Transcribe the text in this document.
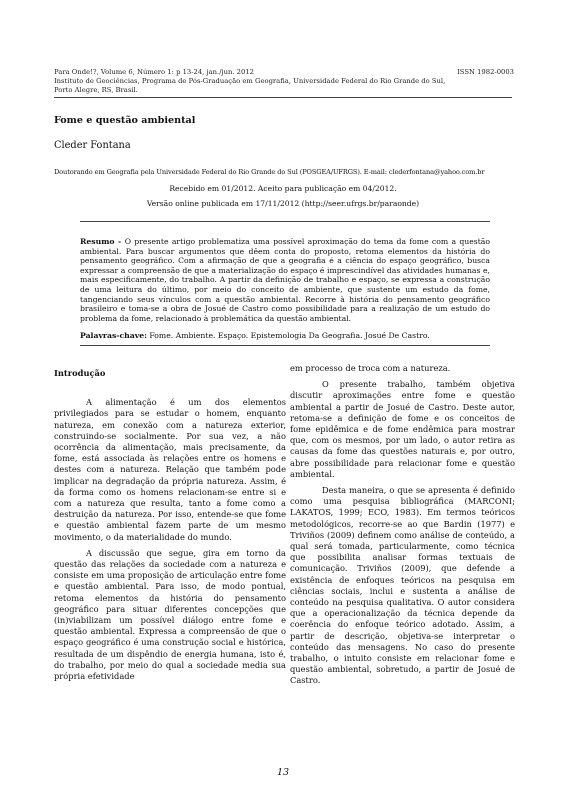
Para Onde!?, Volume 6, Número 1: p 13-24, jan./jun. 2012
Instituto de Geociências, Programa de Pós-Graduação em Geografia, Universidade Federal do Rio Grande do Sul,
Porto Alegre, RS, Brasil.
ISSN 1982-0003
Fome e questão ambiental
Cleder Fontana
Doutorando em Geografia pela Universidade Federal do Rio Grande do Sul (POSGEA/UFRGS). E-mail: clederfontana@yahoo.com.br
Recebido em 01/2012. Aceito para publicação em 04/2012.
Versão online publicada em 17/11/2012 (http://seer.ufrgs.br/paraonde)
Resumo - O presente artigo problematiza uma possível aproximação do tema da fome com a questão ambiental. Para buscar argumentos que dêem conta do proposto, retoma elementos da história do pensamento geográfico. Com a afirmação de que a geografia é a ciência do espaço geográfico, busca expressar a compreensão de que a materialização do espaço é imprescindível das atividades humanas e, mais especificamente, do trabalho. A partir da definição de trabalho e espaço, se expressa a construção de uma leitura do último, por meio do conceito de ambiente, que sustente um estudo da fome, tangenciando seus vínculos com a questão ambiental. Recorre à história do pensamento geográfico brasileiro e toma-se a obra de Josué de Castro como possibilidade para a realização de um estudo do problema da fome, relacionado à problemática da questão ambiental.
Palavras-chave: Fome. Ambiente. Espaço. Epistemologia Da Geografia. Josué De Castro.
Introdução

A alimentação é um dos elementos privilegiados para se estudar o homem, enquanto natureza, em conexão com a natureza exterior, construindo-se socialmente. Por sua vez, a não ocorrência da alimentação, mais precisamente, da fome, está associada às relações entre os homens e destes com a natureza. Relação que também pode implicar na degradação da própria natureza. Assim, é da forma como os homens relacionam-se entre si e com a natureza que resulta, tanto a fome como a destruição da natureza. Por isso, entende-se que fome e questão ambiental fazem parte de um mesmo movimento, o da materialidade do mundo.

A discussão que segue, gira em torno da questão das relações da sociedade com a natureza e consiste em uma proposição de articulação entre fome e questão ambiental. Para isso, de modo pontual, retoma elementos da história do pensamento geográfico para situar diferentes concepções que (in)viabilizam um possível diálogo entre fome e questão ambiental. Expressa a compreensão de que o espaço geográfico é uma construção social e histórica, resultada de um dispêndio de energia humana, isto é, do trabalho, por meio do qual a sociedade media sua própria efetividade

em processo de troca com a natureza.

O presente trabalho, também objetiva discutir aproximações entre fome e questão ambiental a partir de Josué de Castro. Deste autor, retoma-se a definição de fome e os conceitos de fome epidêmica e de fome endêmica para mostrar que, com os mesmos, por um lado, o autor retira as causas da fome das questões naturais e, por outro, abre possibilidade para relacionar fome e questão ambiental.

Desta maneira, o que se apresenta é definido como uma pesquisa bibliográfica (MARCONI; LAKATOS, 1999; ECO, 1983). Em termos teóricos metodológicos, recorre-se ao que Bardin (1977) e Triviños (2009) definem como análise de conteúdo, a qual será tomada, particularmente, como técnica que possibilita analisar formas textuais de comunicação. Triviños (2009), que defende a existência de enfoques teóricos na pesquisa em ciências sociais, inclui e sustenta a análise de conteúdo na pesquisa qualitativa. O autor considera que a operacionalização da técnica depende da coerência do enfoque teórico adotado. Assim, a partir de descrição, objetiva-se interpretar o conteúdo das mensagens. No caso do presente trabalho, o intuito consiste em relacionar fome e questão ambiental, sobretudo, a partir de Josué de Castro.

13
